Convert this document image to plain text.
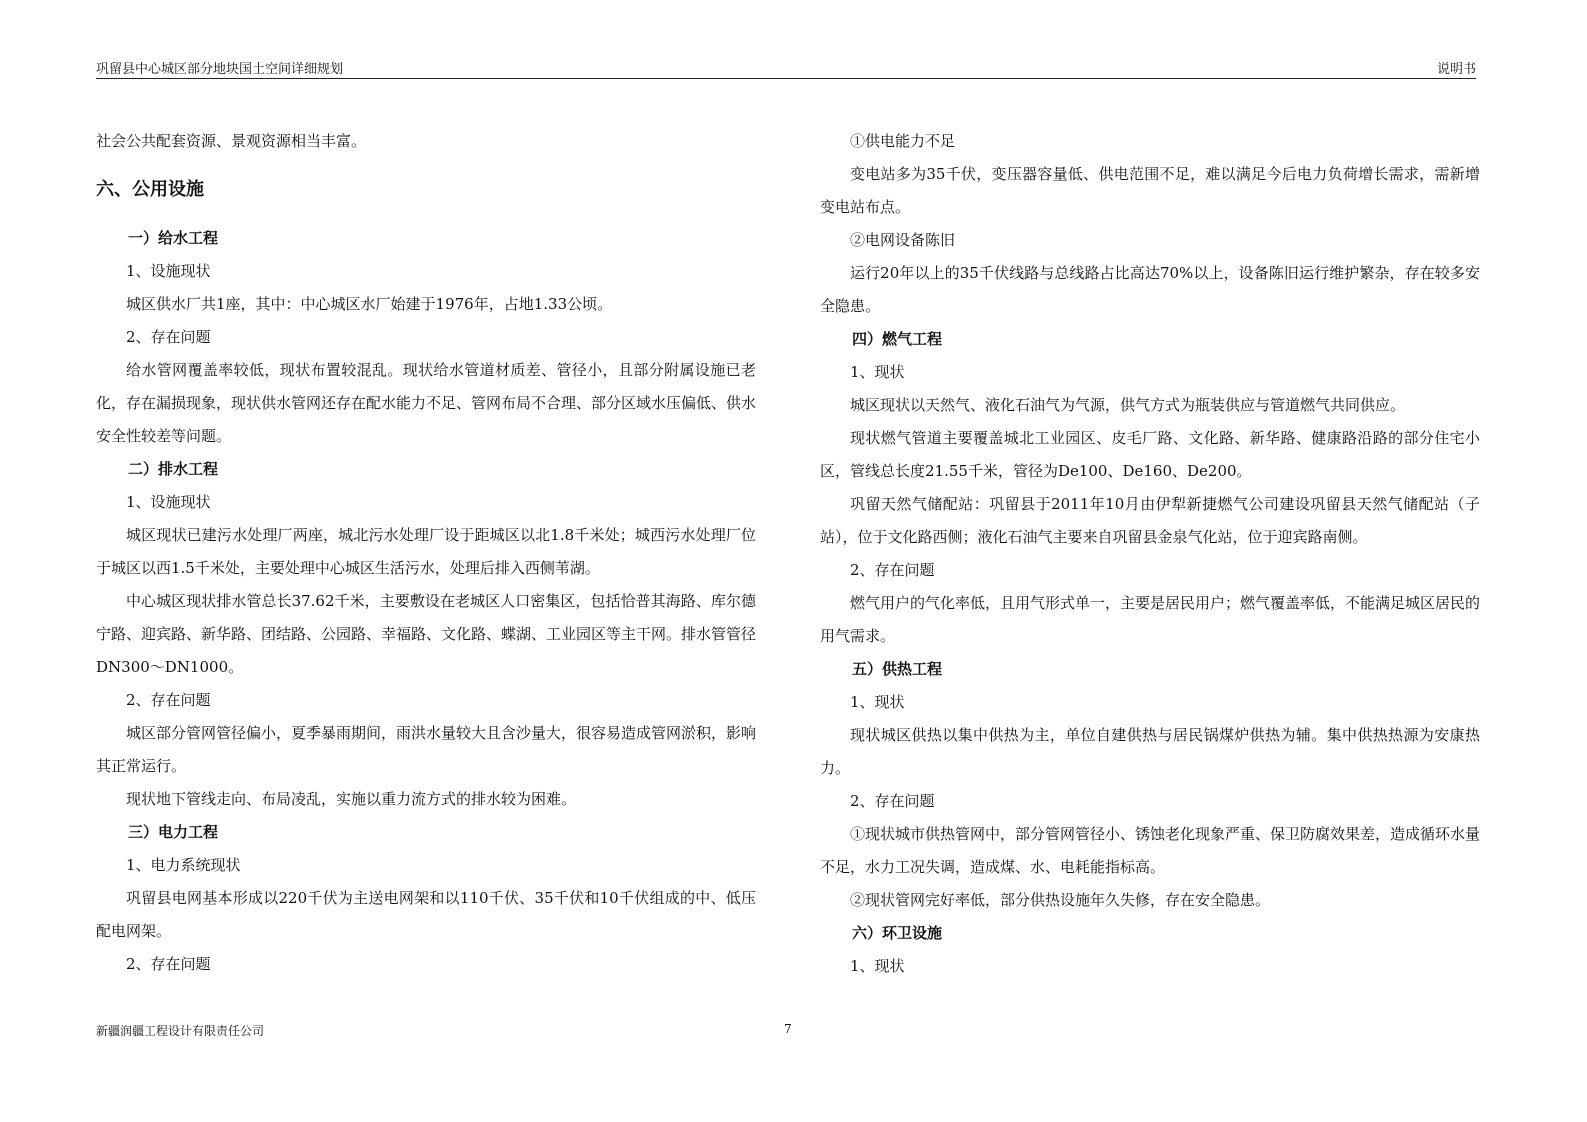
巩留县中心城区部分地块国土空间详细规划	说明书

社会公共配套资源、景观资源相当丰富。

六、公用设施
一）给水工程

1、设施现状

城区供水厂共1座，其中：中心城区水厂始建于1976年，占地1.33公顷。

2、存在问题

给水管网覆盖率较低，现状布置较混乱。现状给水管道材质差、管径小，且部分附属设施已老化，存在漏损现象，现状供水管网还存在配水能力不足、管网布局不合理、部分区域水压偏低、供水安全性较差等问题。

二）排水工程

1、设施现状

城区现状已建污水处理厂两座，城北污水处理厂设于距城区以北1.8千米处；城西污水处理厂位于城区以西1.5千米处，主要处理中心城区生活污水，处理后排入西侧苇湖。

中心城区现状排水管总长37.62千米，主要敷设在老城区人口密集区，包括恰普其海路、库尔德宁路、迎宾路、新华路、团结路、公园路、幸福路、文化路、蝶湖、工业园区等主干网。排水管管径DN300～DN1000。

2、存在问题

城区部分管网管径偏小，夏季暴雨期间，雨洪水量较大且含沙量大，很容易造成管网淤积，影响其正常运行。

现状地下管线走向、布局凌乱，实施以重力流方式的排水较为困难。

三）电力工程

1、电力系统现状

巩留县电网基本形成以220千伏为主送电网架和以110千伏、35千伏和10千伏组成的中、低压配电网架。

2、存在问题

①供电能力不足

变电站多为35千伏，变压器容量低、供电范围不足，难以满足今后电力负荷增长需求，需新增变电站布点。

②电网设备陈旧

运行20年以上的35千伏线路与总线路占比高达70%以上，设备陈旧运行维护繁杂，存在较多安全隐患。

四）燃气工程

1、现状

城区现状以天然气、液化石油气为气源，供气方式为瓶装供应与管道燃气共同供应。

现状燃气管道主要覆盖城北工业园区、皮毛厂路、文化路、新华路、健康路沿路的部分住宅小区，管线总长度21.55千米，管径为De100、De160、De200。

巩留天然气储配站：巩留县于2011年10月由伊犁新捷燃气公司建设巩留县天然气储配站（子站），位于文化路西侧；液化石油气主要来自巩留县金泉气化站，位于迎宾路南侧。

2、存在问题

燃气用户的气化率低，且用气形式单一，主要是居民用户；燃气覆盖率低，不能满足城区居民的用气需求。

五）供热工程

1、现状

现状城区供热以集中供热为主，单位自建供热与居民锅煤炉供热为辅。集中供热热源为安康热力。

2、存在问题

①现状城市供热管网中，部分管网管径小、锈蚀老化现象严重、保卫防腐效果差，造成循环水量不足，水力工况失调，造成煤、水、电耗能指标高。

②现状管网完好率低，部分供热设施年久失修，存在安全隐患。

六）环卫设施

1、现状

新疆润疆工程设计有限责任公司	7
